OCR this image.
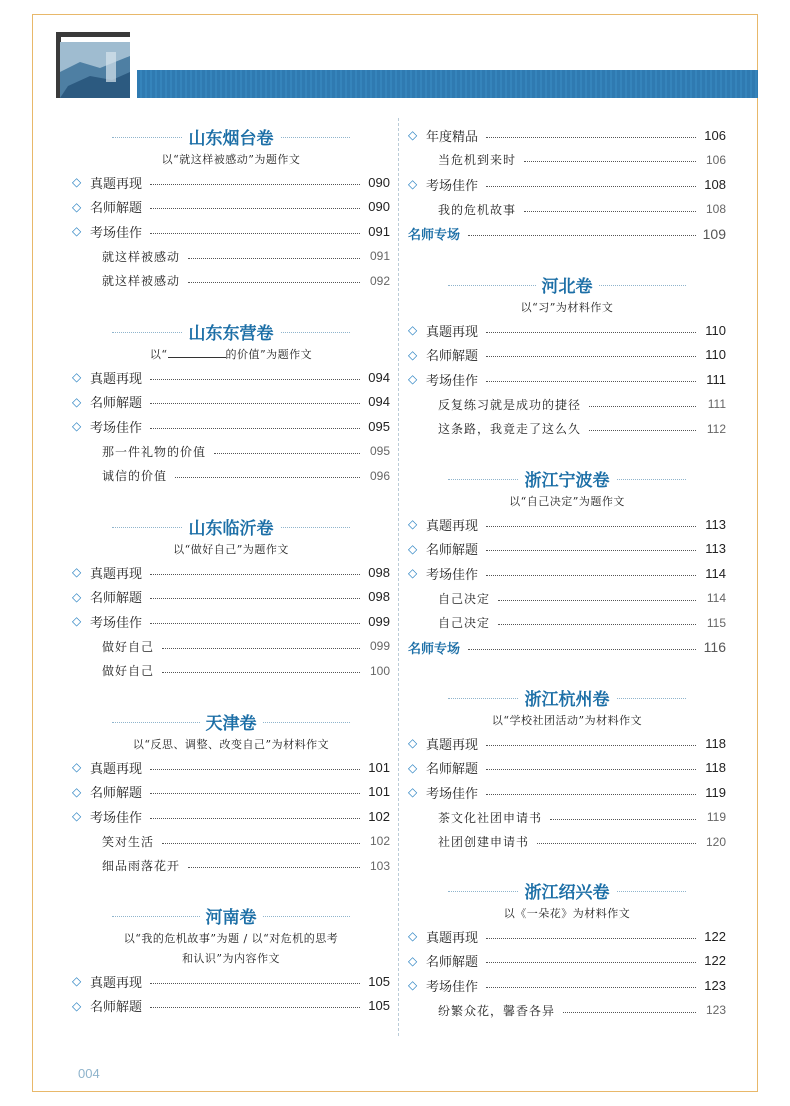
山东烟台卷
以“就这样被感动”为题作文
◇ 真题再现	090
◇ 名师解题	090
◇ 考场佳作	091
就这样被感动	091
就这样被感动	092
山东东营卷
以“	的价值”为题作文
◇ 真题再现	094
◇ 名师解题	094
◇ 考场佳作	095
那一件礼物的价值	095
诚信的价值	096
山东临沂卷
以“做好自己”为题作文
◇ 真题再现	098
◇ 名师解题	098
◇ 考场佳作	099
做好自己	099
做好自己	100
天津卷
以“反思、调整、改变自己”为材料作文
◇ 真题再现	101
◇ 名师解题	101
◇ 考场佳作	102
笑对生活	102
细品雨落花开	103
河南卷
以“我的危机故事”为题 / 以“对危机的思考
和认识”为内容作文
◇ 真题再现	105
◇ 名师解题	105
◇ 年度精品	106
当危机到来时	106
◇ 考场佳作	108
我的危机故事	108
名师专场	109
河北卷
以“习”为材料作文
◇ 真题再现	110
◇ 名师解题	110
◇ 考场佳作	111
反复练习就是成功的捷径	111
这条路，我竟走了这么久	112
浙江宁波卷
以“自己决定”为题作文
◇ 真题再现	113
◇ 名师解题	113
◇ 考场佳作	114
自己决定	114
自己决定	115
名师专场	116
浙江杭州卷
以“学校社团活动”为材料作文
◇ 真题再现	118
◇ 名师解题	118
◇ 考场佳作	119
茶文化社团申请书	119
社团创建申请书	120
浙江绍兴卷
以《一朵花》为材料作文
◇ 真题再现	122
◇ 名师解题	122
◇ 考场佳作	123
纷繁众花，馨香各异	123
004
